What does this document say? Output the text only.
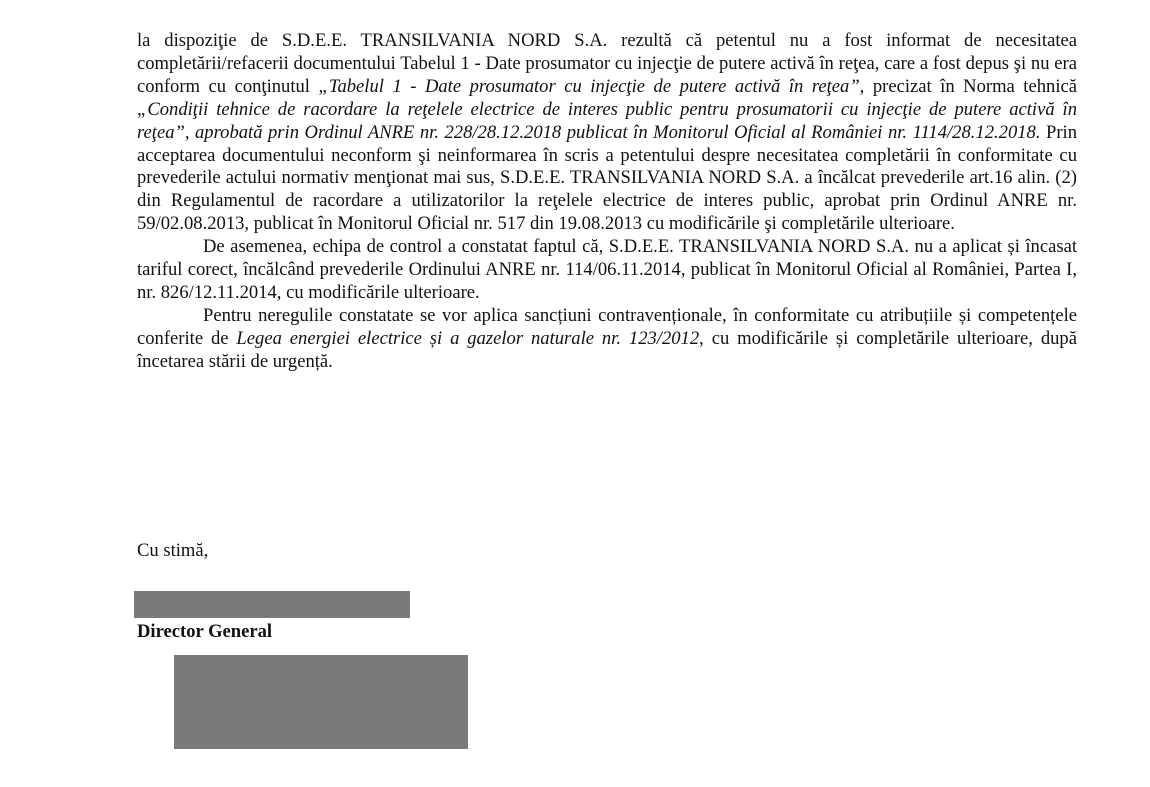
la dispoziţie de S.D.E.E. TRANSILVANIA NORD S.A. rezultă că petentul nu a fost informat de necesitatea completării/refacerii documentului Tabelul 1 - Date prosumator cu injecţie de putere activă în reţea, care a fost depus şi nu era conform cu conţinutul „Tabelul 1 - Date prosumator cu injecţie de putere activă în reţea”, precizat în Norma tehnică „Condiţii tehnice de racordare la reţelele electrice de interes public pentru prosumatorii cu injecţie de putere activă în reţea”, aprobată prin Ordinul ANRE nr. 228/28.12.2018 publicat în Monitorul Oficial al României nr. 1114/28.12.2018. Prin acceptarea documentului neconform şi neinformarea în scris a petentului despre necesitatea completării în conformitate cu prevederile actului normativ menţionat mai sus, S.D.E.E. TRANSILVANIA NORD S.A. a încălcat prevederile art.16 alin. (2) din Regulamentul de racordare a utilizatorilor la reţelele electrice de interes public, aprobat prin Ordinul ANRE nr. 59/02.08.2013, publicat în Monitorul Oficial nr. 517 din 19.08.2013 cu modificările şi completările ulterioare.

De asemenea, echipa de control a constatat faptul că, S.D.E.E. TRANSILVANIA NORD S.A. nu a aplicat și încasat tariful corect, încălcând prevederile Ordinului ANRE nr. 114/06.11.2014, publicat în Monitorul Oficial al României, Partea I, nr. 826/12.11.2014, cu modificările ulterioare.

Pentru neregulile constatate se vor aplica sancțiuni contravenționale, în conformitate cu atribuțiile și competențele conferite de Legea energiei electrice și a gazelor naturale nr. 123/2012, cu modificările și completările ulterioare, după încetarea stării de urgență.

Cu stimă,
Director General
